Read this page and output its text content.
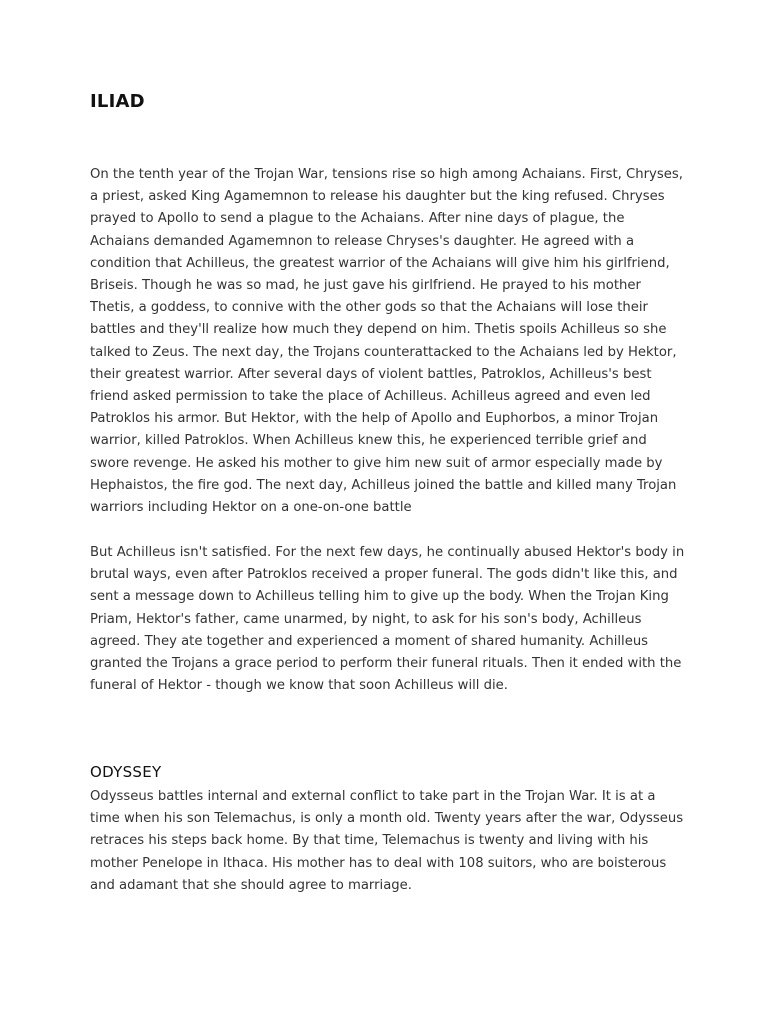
ILIAD

On the tenth year of the Trojan War, tensions rise so high among Achaians. First, Chryses, a priest, asked King Agamemnon to release his daughter but the king refused. Chryses prayed to Apollo to send a plague to the Achaians. After nine days of plague, the Achaians demanded Agamemnon to release Chryses's daughter. He agreed with a condition that Achilleus, the greatest warrior of the Achaians will give him his girlfriend, Briseis. Though he was so mad, he just gave his girlfriend. He prayed to his mother Thetis, a goddess, to connive with the other gods so that the Achaians will lose their battles and they'll realize how much they depend on him. Thetis spoils Achilleus so she talked to Zeus. The next day, the Trojans counterattacked to the Achaians led by Hektor, their greatest warrior. After several days of violent battles, Patroklos, Achilleus's best friend asked permission to take the place of Achilleus. Achilleus agreed and even led Patroklos his armor. But Hektor, with the help of Apollo and Euphorbos, a minor Trojan warrior, killed Patroklos. When Achilleus knew this, he experienced terrible grief and swore revenge. He asked his mother to give him new suit of armor especially made by Hephaistos, the fire god. The next day, Achilleus joined the battle and killed many Trojan warriors including Hektor on a one-on-one battle

But Achilleus isn't satisfied. For the next few days, he continually abused Hektor's body in brutal ways, even after Patroklos received a proper funeral. The gods didn't like this, and sent a message down to Achilleus telling him to give up the body. When the Trojan King Priam, Hektor's father, came unarmed, by night, to ask for his son's body, Achilleus agreed. They ate together and experienced a moment of shared humanity. Achilleus granted the Trojans a grace period to perform their funeral rituals. Then it ended with the funeral of Hektor - though we know that soon Achilleus will die.

ODYSSEY

Odysseus battles internal and external conflict to take part in the Trojan War. It is at a time when his son Telemachus, is only a month old. Twenty years after the war, Odysseus retraces his steps back home. By that time, Telemachus is twenty and living with his mother Penelope in Ithaca. His mother has to deal with 108 suitors, who are boisterous and adamant that she should agree to marriage.
